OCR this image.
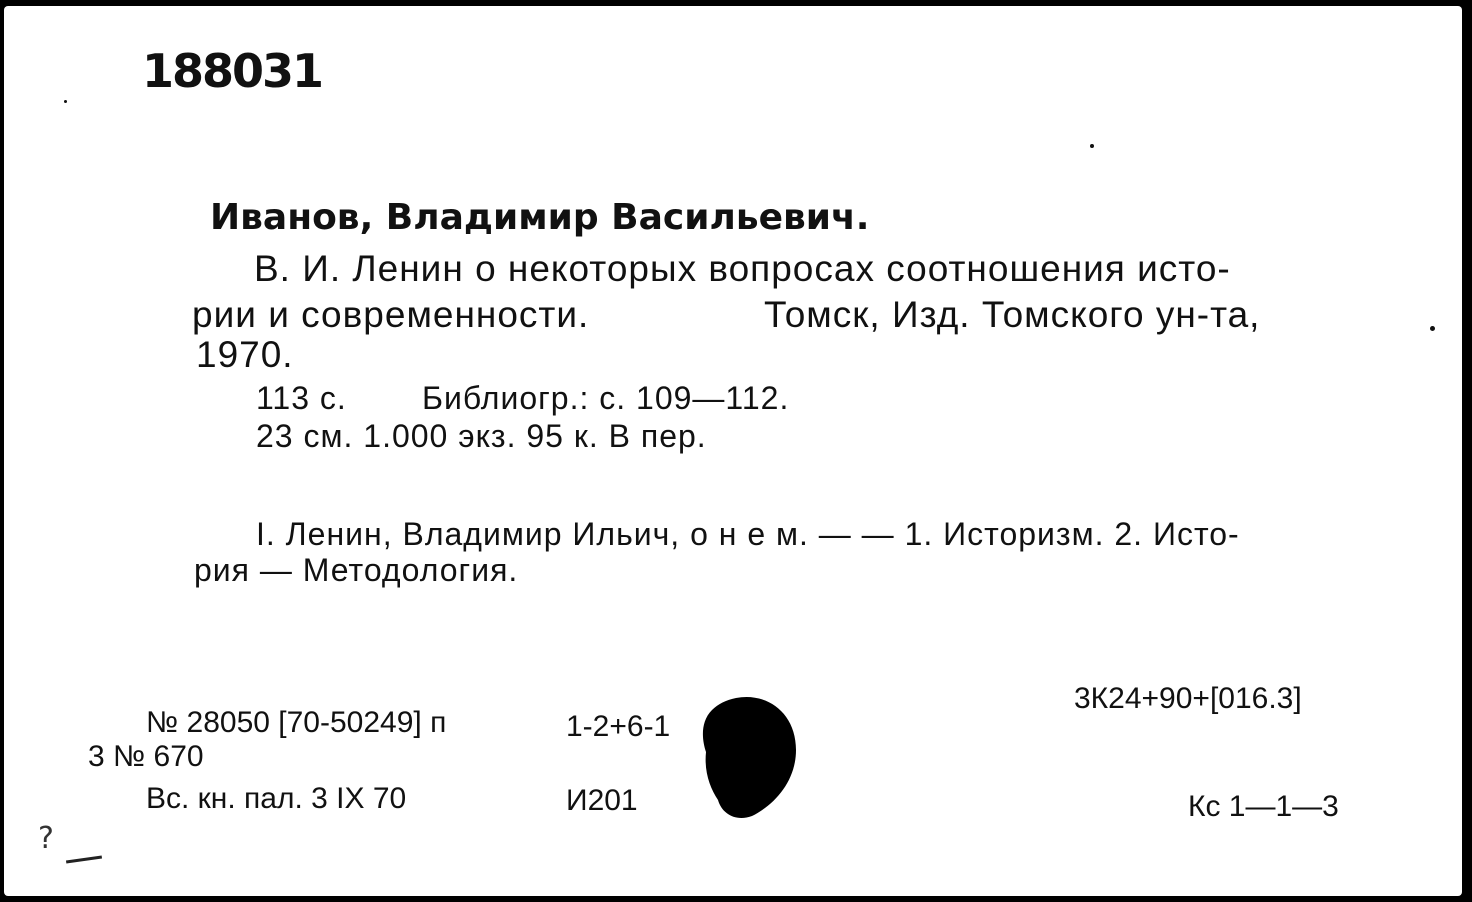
188031
Иванов, Владимир Васильевич.
В. И. Ленин о некоторых вопросах соотношения исто-
рии и современности.	Томск, Изд. Томского ун-та,
1970.
113 с. Библиогр.: с. 109—112.
23 см. 1.000 экз. 95 к. В пер.
I. Ленин, Владимир Ильич, о н е м. — — 1. Историзм. 2. Исто-
рия — Методология.
3К24+90+[016.3]
№ 28050 [70-50249] п	1-2+6-1
3 № 670
Вс. кн. пал. 3 IX 70	И201	Кс 1—1—3
?
